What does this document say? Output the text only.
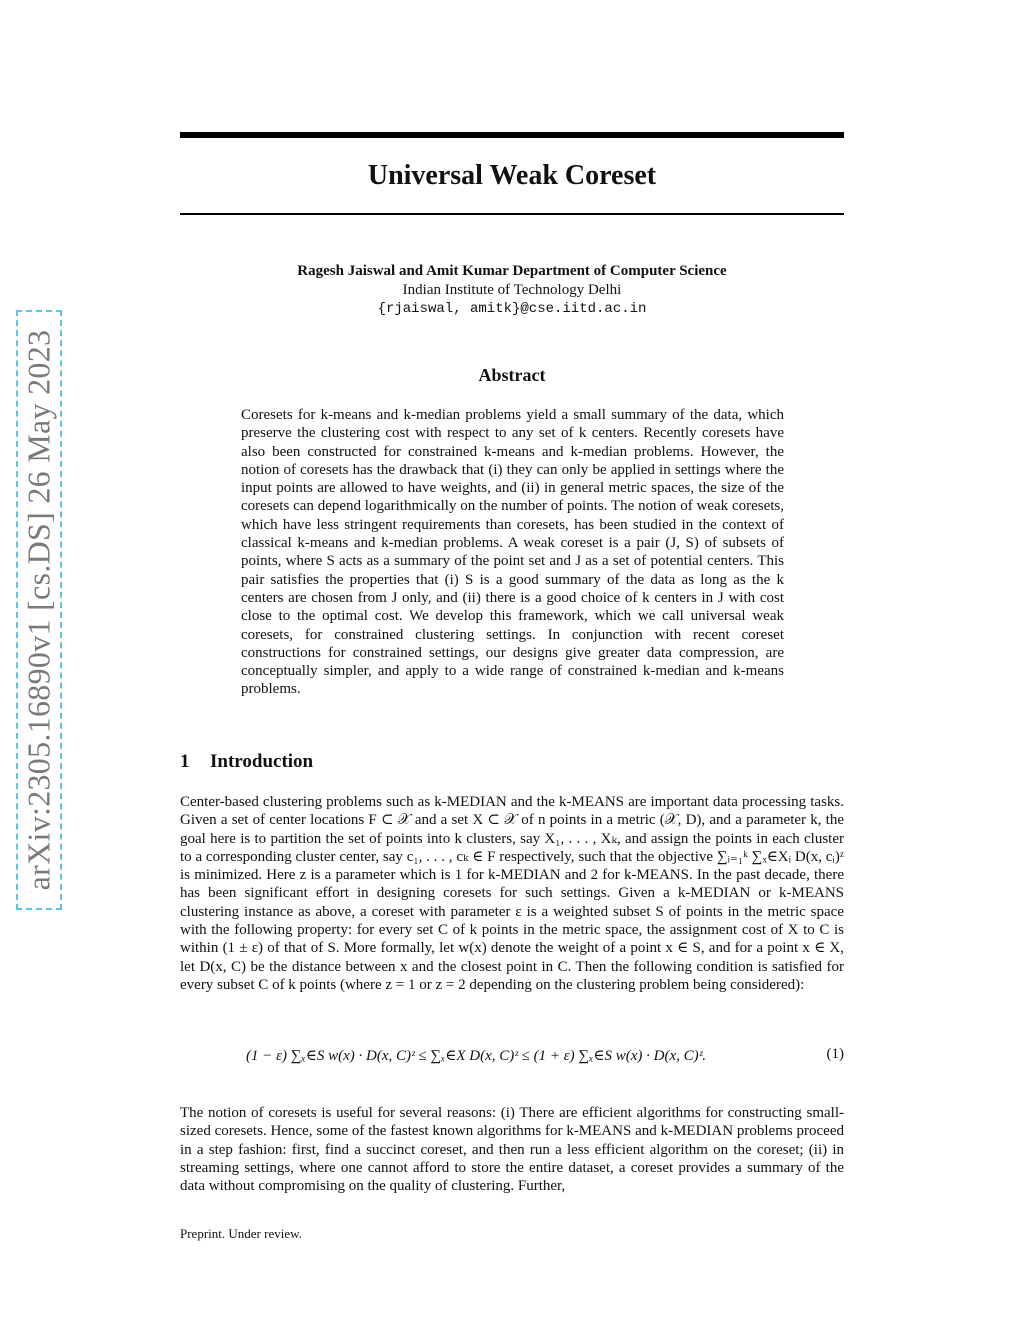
arXiv:2305.16890v1 [cs.DS] 26 May 2023
Universal Weak Coreset
Ragesh Jaiswal and Amit Kumar Department of Computer Science
Indian Institute of Technology Delhi
{rjaiswal, amitk}@cse.iitd.ac.in
Abstract

Coresets for k-means and k-median problems yield a small summary of the data, which preserve the clustering cost with respect to any set of k centers. Recently coresets have also been constructed for constrained k-means and k-median problems. However, the notion of coresets has the drawback that (i) they can only be applied in settings where the input points are allowed to have weights, and (ii) in general metric spaces, the size of the coresets can depend logarithmically on the number of points. The notion of weak coresets, which have less stringent requirements than coresets, has been studied in the context of classical k-means and k-median problems. A weak coreset is a pair (J, S) of subsets of points, where S acts as a summary of the point set and J as a set of potential centers. This pair satisfies the properties that (i) S is a good summary of the data as long as the k centers are chosen from J only, and (ii) there is a good choice of k centers in J with cost close to the optimal cost. We develop this framework, which we call universal weak coresets, for constrained clustering settings. In conjunction with recent coreset constructions for constrained settings, our designs give greater data compression, are conceptually simpler, and apply to a wide range of constrained k-median and k-means problems.

1 Introduction

Center-based clustering problems such as k-MEDIAN and the k-MEANS are important data processing tasks. Given a set of center locations F ⊂ 𝒳 and a set X ⊂ 𝒳 of n points in a metric (𝒳, D), and a parameter k, the goal here is to partition the set of points into k clusters, say X₁, . . . , Xₖ, and assign the points in each cluster to a corresponding cluster center, say c₁, . . . , cₖ ∈ F respectively, such that the objective ∑ᵢ₌₁ᵏ ∑ₓ∈Xᵢ D(x, cᵢ)ᶻ is minimized. Here z is a parameter which is 1 for k-MEDIAN and 2 for k-MEANS. In the past decade, there has been significant effort in designing coresets for such settings. Given a k-MEDIAN or k-MEANS clustering instance as above, a coreset with parameter ε is a weighted subset S of points in the metric space with the following property: for every set C of k points in the metric space, the assignment cost of X to C is within (1 ± ε) of that of S. More formally, let w(x) denote the weight of a point x ∈ S, and for a point x ∈ X, let D(x, C) be the distance between x and the closest point in C. Then the following condition is satisfied for every subset C of k points (where z = 1 or z = 2 depending on the clustering problem being considered):

(1 − ε) ∑ₓ∈S w(x) · D(x, C)ᶻ ≤ ∑ₓ∈X D(x, C)ᶻ ≤ (1 + ε) ∑ₓ∈S w(x) · D(x, C)ᶻ.	(1)

The notion of coresets is useful for several reasons: (i) There are efficient algorithms for constructing small-sized coresets. Hence, some of the fastest known algorithms for k-MEANS and k-MEDIAN problems proceed in a step fashion: first, find a succinct coreset, and then run a less efficient algorithm on the coreset; (ii) in streaming settings, where one cannot afford to store the entire dataset, a coreset provides a summary of the data without compromising on the quality of clustering. Further,

Preprint. Under review.
